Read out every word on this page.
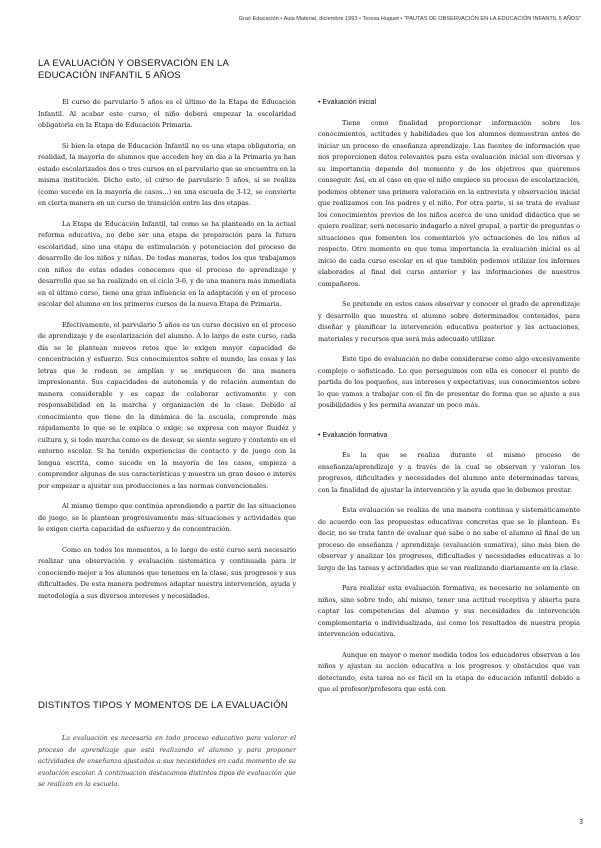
Graó Educación • Aula Material, diciembre 1993 • Teresa Huguet • "PAUTAS DE OBSERVACIÓN EN LA EDUCACIÓN INFANTIL 5 AÑOS"
LA EVALUACIÓN Y OBSERVACIÓN EN LA EDUCACIÓN INFANTIL 5 AÑOS

El curso de parvulario 5 años es el último de la Etapa de Educación Infantil. Al acabar este curso, el niño deberá empezar la escolaridad obligatoria en la Etapa de Educación Primaria.

Si bien la etapa de Educación Infantil no es una etapa obligatoria, en realidad, la mayoría de alumnos que acceden hoy en día a la Primaria ya han estado escolarizados dos o tres cursos en el parvulario que se encuentra en la misma institución. Dicho esto, el curso de parvulario 5 años, si se realiza (como sucede en la mayoría de casos...) en una escuela de 3-12, se convierte en cierta manera en un curso de transición entre las dos etapas.

La Etapa de Educación Infantil, tal como se ha planteado en la actual reforma educativa, no debe ser una etapa de preparación para la futura escolaridad, sino una etapa de estimulación y potenciación del proceso de desarrollo de los niños y niñas. De todas maneras, todos los que trabajamos con niños de estas edades conocemos que el proceso de aprendizaje y desarrollo que se ha realizado en el ciclo 3-6, y de una manera más inmediata en el último curso, tiene una gran influencia en la adaptación y en el proceso escolar del alumno en los primeros cursos de la nueva Etapa de Primaria.

Efectivamente, el parvulario 5 años es un curso decisivo en el proceso de aprendizaje y de escolarización del alumno. A lo largo de este curso, cada día se le plantean nuevos retos que le exigen mayor capacidad de concentración y esfuerzo. Sus conocimientos sobre el mundo, las cosas y las letras que le rodean se amplían y se enriquecen de una manera impresionante. Sus capacidades de autonomía y de relación aumentan de manera considerable y es capaz de colaborar activamente y con responsabilidad en la marcha y organización de la clase. Debido al conocimiento que tiene de la dinámica de la escuela, comprende más rápidamente lo que se le explica o exige; se expresa con mayor fluidez y cultura y, si todo marcha como es de desear, se siente seguro y contento en el entorno escolar. Si ha tenido experiencias de contacto y de juego con la lengua escrita, como sucede en la mayoría de los casos, empieza a comprender algunas de sus características y muestra un gran deseo e interés por empezar a ajustar sus producciones a las normas convencionales.

Al mismo tiempo que continúa aprendiendo a partir de las situaciones de juego, se le plantean progresivamente más situaciones y actividades que le exigen cierta capacidad de esfuerzo y de concentración.

Como en todos los momentos, a lo largo de este curso será necesario realizar una observación y evaluación sistemática y continuada para ir conociendo mejor a los alumnos que tenemos en la clase, sus progresos y sus dificultades. De esta manera podremos adaptar nuestra intervención, ayuda y metodología a sus diversos intereses y necesidades.

DISTINTOS TIPOS Y MOMENTOS DE LA EVALUACIÓN
La evaluación es necesaria en todo proceso educativo para valorar el proceso de aprendizaje que está realizando el alumno y para proponer actividades de enseñanza ajustadas a sus necesidades en cada momento de su evolución escolar. A continuación destacamos distintos tipos de evaluación que se realizan en la escuela.

• Evaluación inicial

Tiene como finalidad proporcionar información sobre los conocimientos, actitudes y habilidades que los alumnos demuestran antes de iniciar un proceso de enseñanza aprendizaje. Las fuentes de información que nos proporcionen datos relevantes para esta evaluación inicial son diversas y su importancia depende del momento y de los objetivos que queremos conseguir. Así, en el caso en que el niño empiece su proceso de escolarización, podemos obtener una primera valoración en la entrevista y observación inicial que realizamos con los padres y el niño. Por otra parte, si se trata de evaluar los conocimientos previos de los niños acerca de una unidad didáctica que se quiere realizar, será necesario indagarlo a nivel grupal, a partir de preguntas o situaciones que fomenten los comentarios y/o actuaciones de los niños al respecto. Otro momento en que toma importancia la evaluación inicial es al inicio de cada curso escolar en el que también podemos utilizar los informes elaborados al final del curso anterior y las informaciones de nuestros compañeros.

Se pretende en estos casos observar y conocer el grado de aprendizaje y desarrollo que muestra el alumno sobre determinados contenidos, para diseñar y planificar la intervención educativa posterior y las actuaciones, materiales y recursos que será más adecuado utilizar.

Este tipo de evaluación no debe considerarse como algo excesivamente complejo o sofisticado. Lo que perseguimos con ella es conocer el punto de partida de los pequeños, sus intereses y expectativas, sus conocimientos sobre lo que vamos a trabajar con el fin de presentar de forma que se ajuste a sus posibilidades y les permita avanzar un poco más.

• Evaluación formativa

Es la que se realiza durante el mismo proceso de enseñanza/aprendizaje y a través de la cual se observan y valoran los progresos, dificultades y necesidades del alumno ante determinadas tareas, con la finalidad de ajustar la intervención y la ayuda que le debemos prestar.

Esta evaluación se realiza de una manera continua y sistemáticamente de acuerdo con las propuestas educativas concretas que se le plantean. Es decir, no se trata tanto de evaluar qué sabe o no sabe el alumno al final de un proceso de enseñanza / aprendizaje (evaluación sumativa), sino más bien de observar y analizar los progresos, dificultades y necesidades educativas a lo largo de las tareas y actividades que se van realizando diariamente en la clase.

Para realizar esta evaluación formativa, es necesario no solamente en niños, sino sobre todo, ahí mismo, tener una actitud receptiva y abierta para captar las competencias del alumno y sus necesidades de intervención complementaria o individualizada, así como los resultados de nuestra propia intervención educativa.

Aunque en mayor o menor medida todos los educadores observan a los niños y ajustan su acción educativa a los progresos y obstáculos que van detectando, esta tarea no es fácil en la etapa de educación infantil debido a que el profesor/profesora que está con

3
